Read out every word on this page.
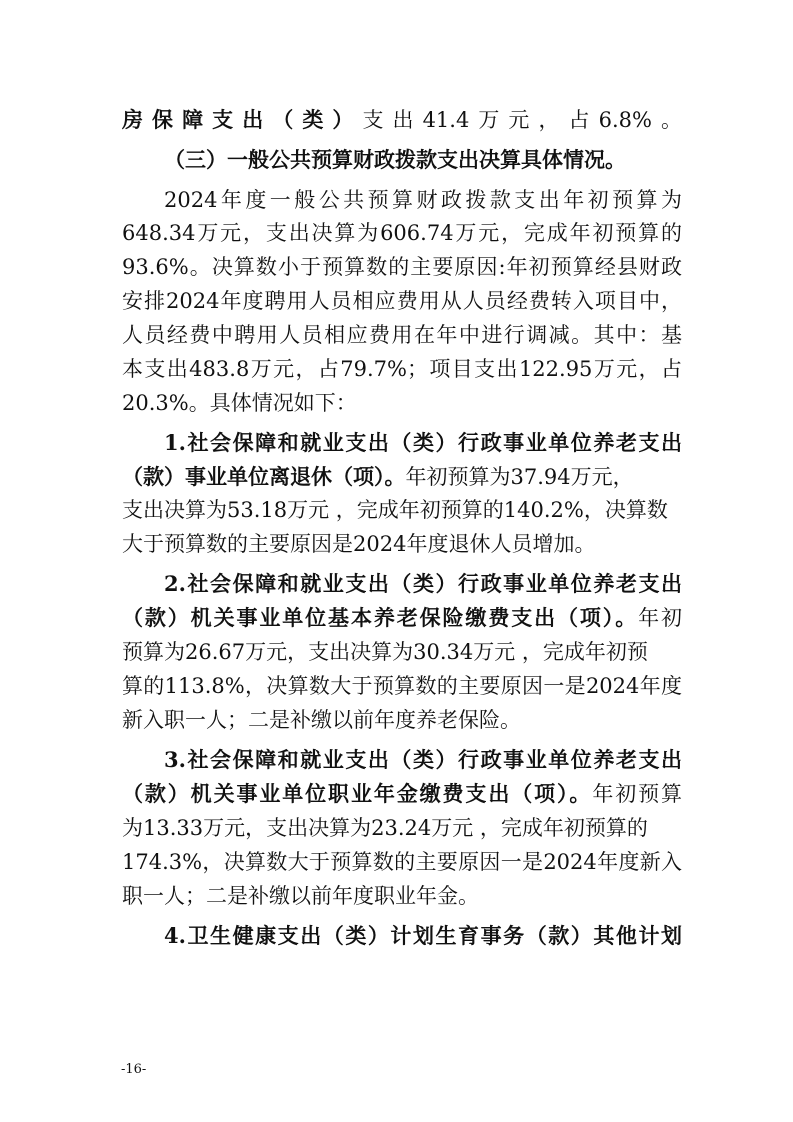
房保障支出（类）支出41.4万元，占6.8%。
（三）一般公共预算财政拨款支出决算具体情况。
2024年度一般公共预算财政拨款支出年初预算为
648.34万元，支出决算为606.74万元，完成年初预算的
93.6%。决算数小于预算数的主要原因:年初预算经县财政
安排2024年度聘用人员相应费用从人员经费转入项目中，
人员经费中聘用人员相应费用在年中进行调减。其中：基
本支出483.8万元，占79.7%；项目支出122.95万元，占
20.3%。具体情况如下：
1.社会保障和就业支出（类）行政事业单位养老支出
（款）事业单位离退休（项）。年初预算为37.94万元，
支出决算为53.18万元 ，完成年初预算的140.2%，决算数
大于预算数的主要原因是2024年度退休人员增加。
2.社会保障和就业支出（类）行政事业单位养老支出
（款）机关事业单位基本养老保险缴费支出（项）。年初
预算为26.67万元，支出决算为30.34万元 ，完成年初预
算的113.8%，决算数大于预算数的主要原因一是2024年度
新入职一人；二是补缴以前年度养老保险。
3.社会保障和就业支出（类）行政事业单位养老支出
（款）机关事业单位职业年金缴费支出（项）。年初预算
为13.33万元，支出决算为23.24万元 ，完成年初预算的
174.3%，决算数大于预算数的主要原因一是2024年度新入
职一人；二是补缴以前年度职业年金。
4.卫生健康支出（类）计划生育事务（款）其他计划
-16-
